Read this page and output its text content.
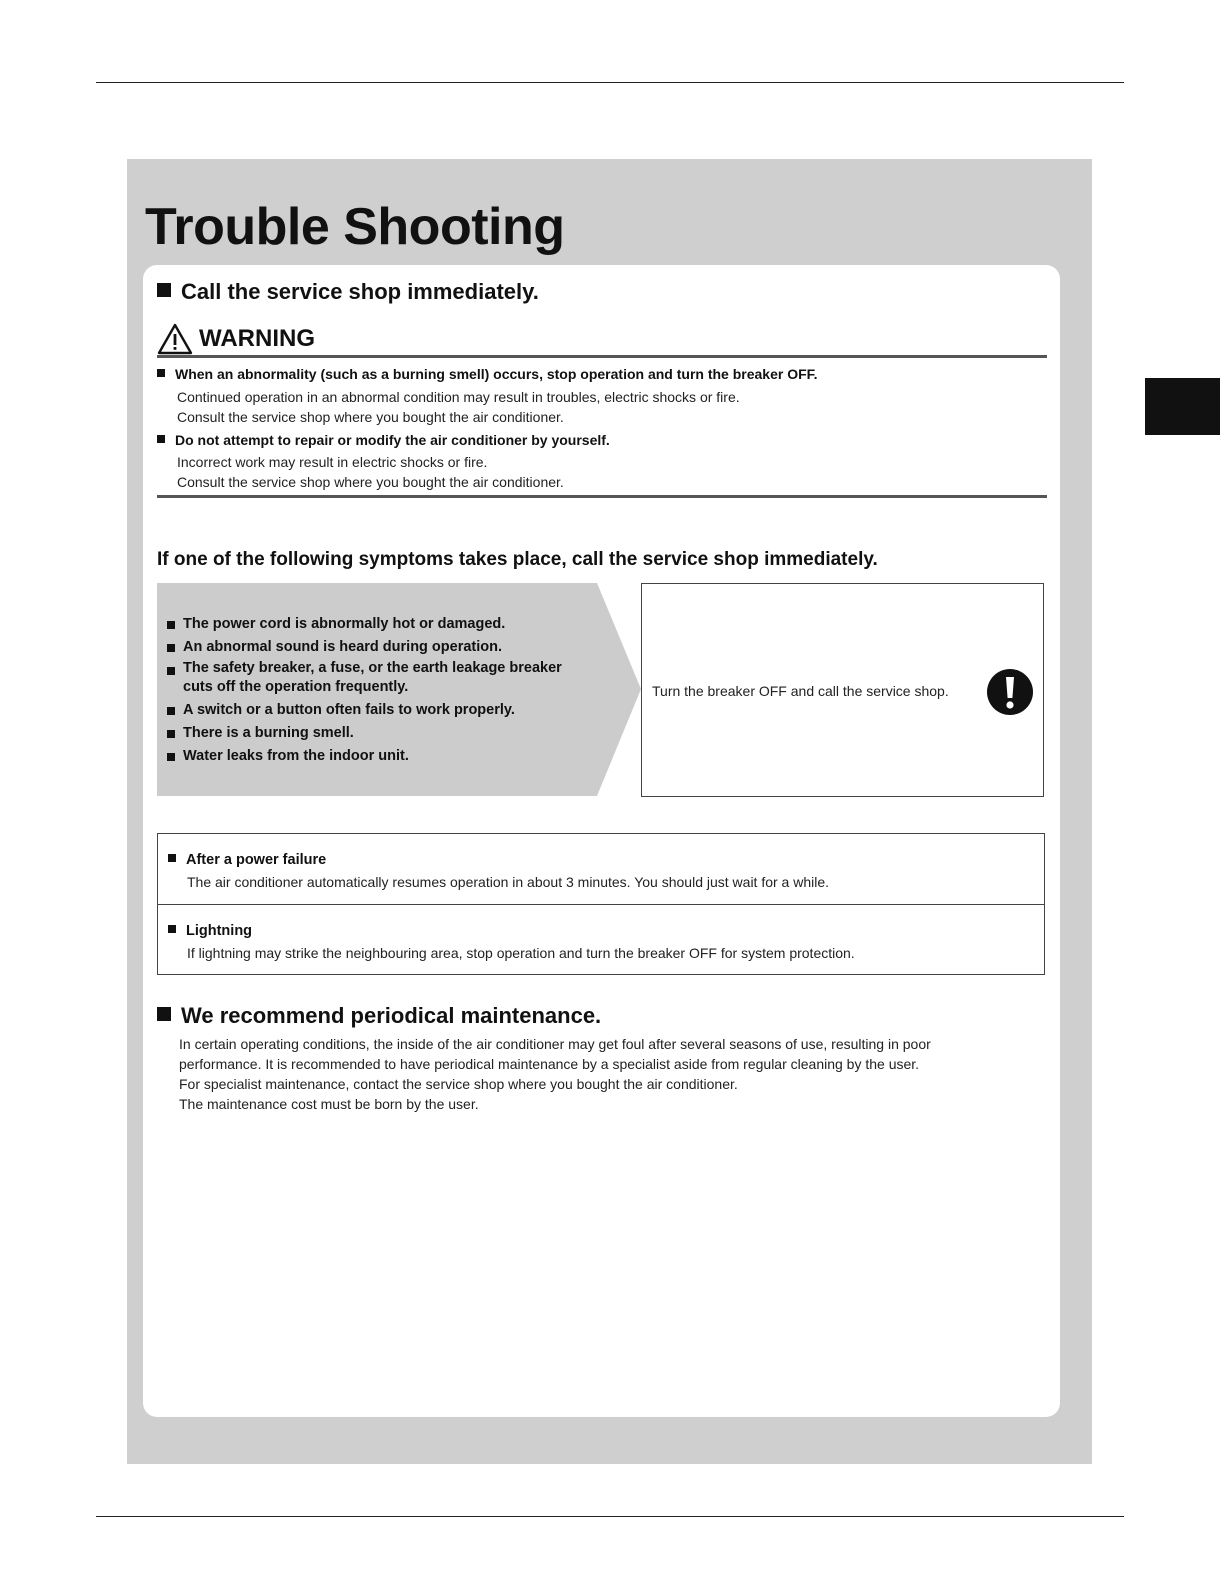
Trouble Shooting
Call the service shop immediately.
WARNING
When an abnormality (such as a burning smell) occurs, stop operation and turn the breaker OFF.
Continued operation in an abnormal condition may result in troubles, electric shocks or fire.
Consult the service shop where you bought the air conditioner.
Do not attempt to repair or modify the air conditioner by yourself.
Incorrect work may result in electric shocks or fire.
Consult the service shop where you bought the air conditioner.
If one of the following symptoms takes place, call the service shop immediately.
The power cord is abnormally hot or damaged.
An abnormal sound is heard during operation.
The safety breaker, a fuse, or the earth leakage breaker cuts off the operation frequently.
A switch or a button often fails to work properly.
There is a burning smell.
Water leaks from the indoor unit.
Turn the breaker OFF and call the service shop.
After a power failure
The air conditioner automatically resumes operation in about 3 minutes. You should just wait for a while.
Lightning
If lightning may strike the neighbouring area, stop operation and turn the breaker OFF for system protection.
We recommend periodical maintenance.
In certain operating conditions, the inside of the air conditioner may get foul after several seasons of use, resulting in poor
performance. It is recommended to have periodical maintenance by a specialist aside from regular cleaning by the user.
For specialist maintenance, contact the service shop where you bought the air conditioner.
The maintenance cost must be born by the user.
